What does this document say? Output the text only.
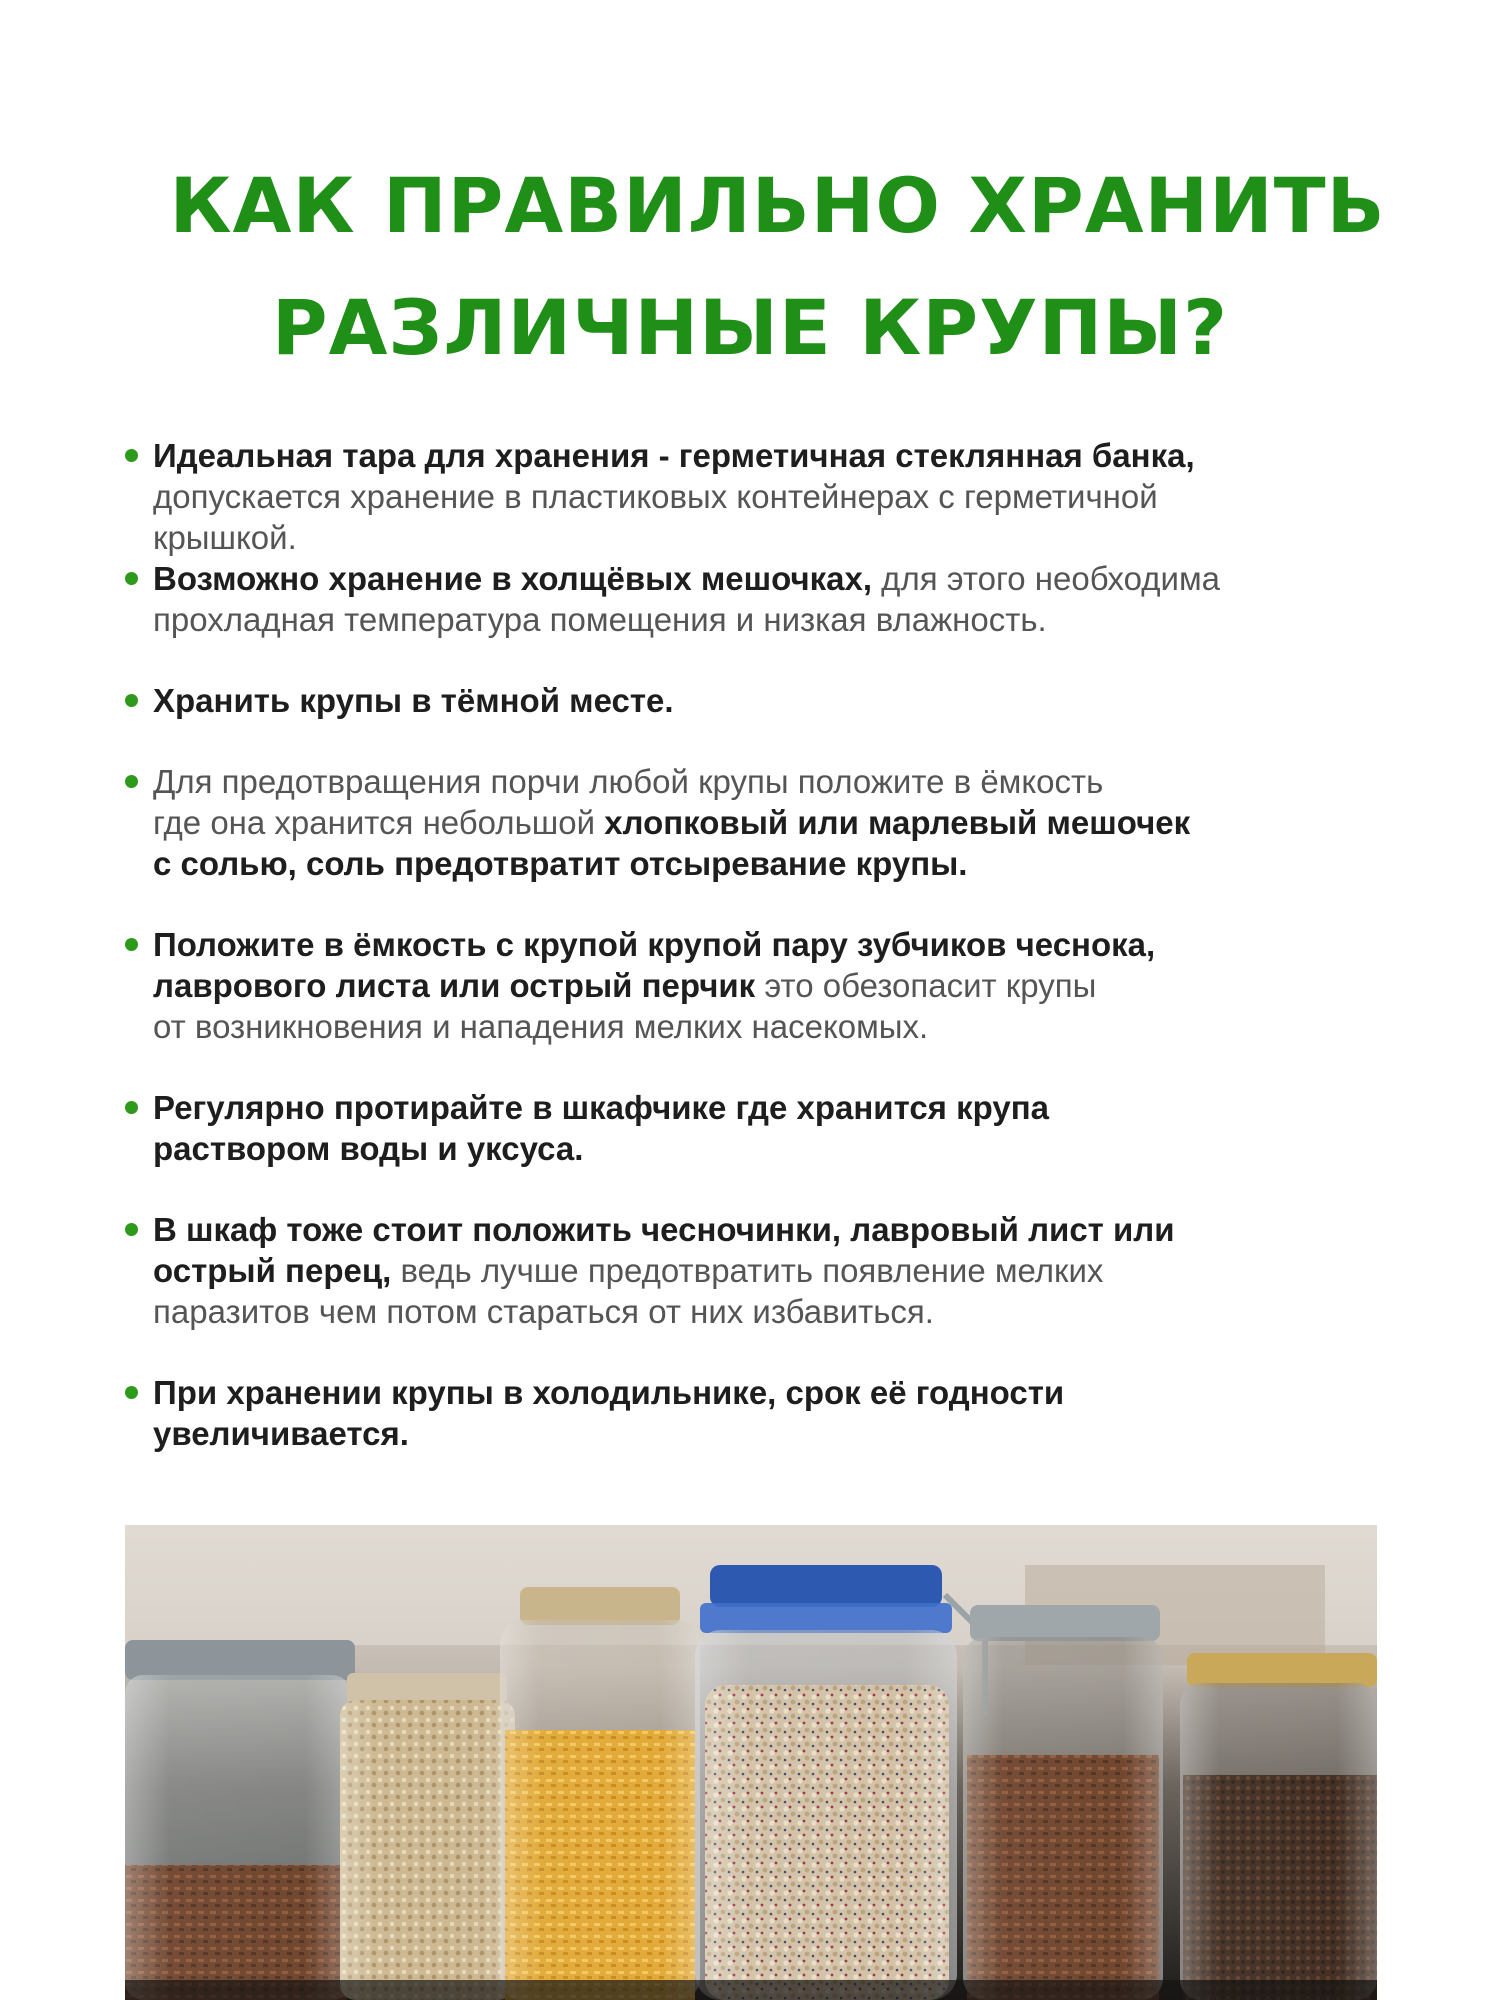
КАК ПРАВИЛЬНО ХРАНИТЬ
РАЗЛИЧНЫЕ КРУПЫ?
Идеальная тара для хранения - герметичная стеклянная банка,
допускается хранение в пластиковых контейнерах с герметичной
крышкой.
Возможно хранение в холщёвых мешочках, для этого необходима
прохладная температура помещения и низкая влажность.
Хранить крупы в тёмной месте.
Для предотвращения порчи любой крупы положите в ёмкость
где она хранится небольшой хлопковый или марлевый мешочек
с солью, соль предотвратит отсыревание крупы.
Положите в ёмкость с крупой крупой пару зубчиков чеснока,
лаврового листа или острый перчик это обезопасит крупы
от возникновения и нападения мелких насекомых.
Регулярно протирайте в шкафчике где хранится крупа
раствором воды и уксуса.
В шкаф тоже стоит положить чесночинки, лавровый лист или
острый перец, ведь лучше предотвратить появление мелких
паразитов чем потом стараться от них избавиться.
При хранении крупы в холодильнике, срок её годности
увеличивается.
